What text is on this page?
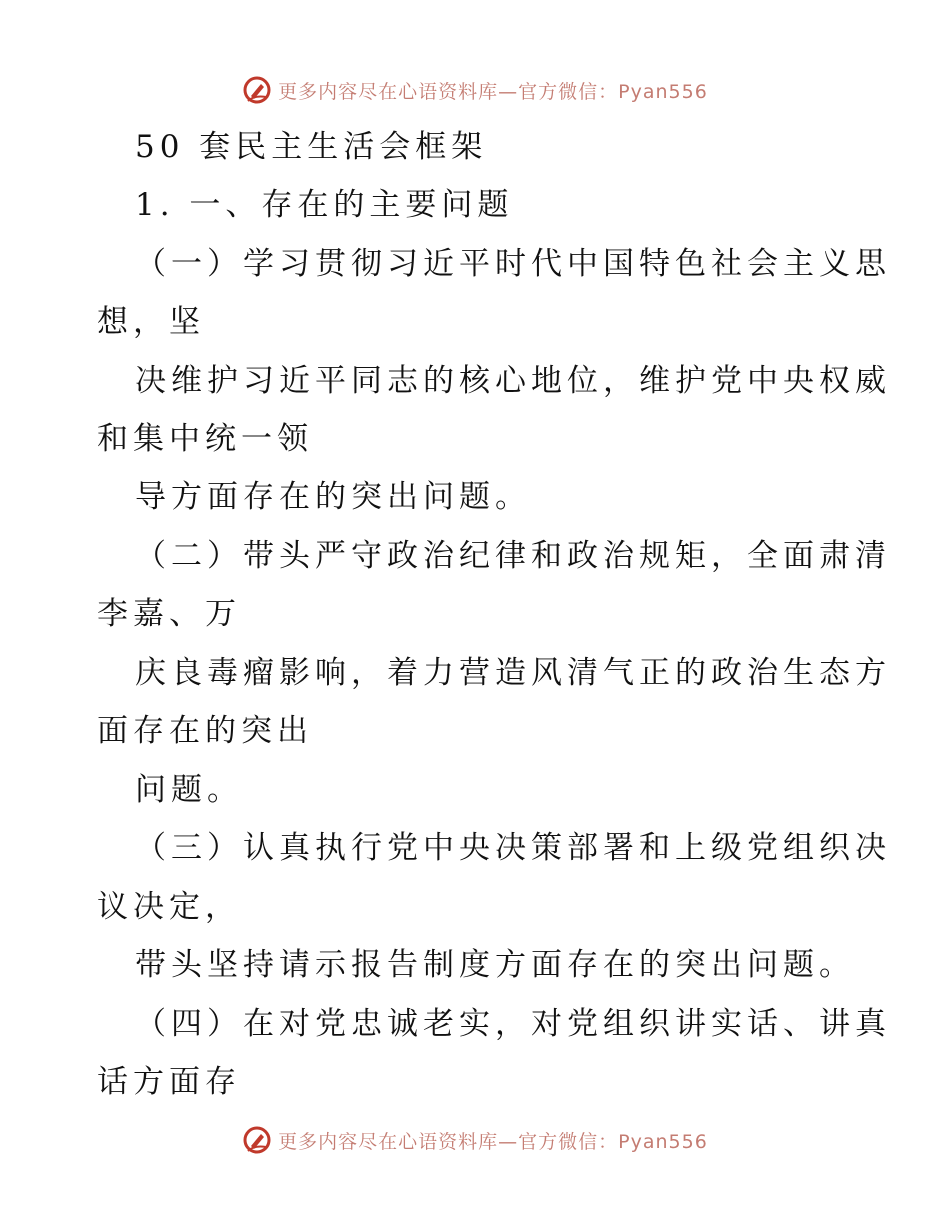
更多内容尽在心语资料库—官方微信：Pyan556
50 套民主生活会框架
1. 一、存在的主要问题
（一）学习贯彻习近平时代中国特色社会主义思
想，坚
决维护习近平同志的核心地位，维护党中央权威
和集中统一领
导方面存在的突出问题。
（二）带头严守政治纪律和政治规矩，全面肃清
李嘉、万
庆良毒瘤影响，着力营造风清气正的政治生态方
面存在的突出
问题。
（三）认真执行党中央决策部署和上级党组织决
议决定，
带头坚持请示报告制度方面存在的突出问题。
（四）在对党忠诚老实，对党组织讲实话、讲真
话方面存
更多内容尽在心语资料库—官方微信：Pyan556
